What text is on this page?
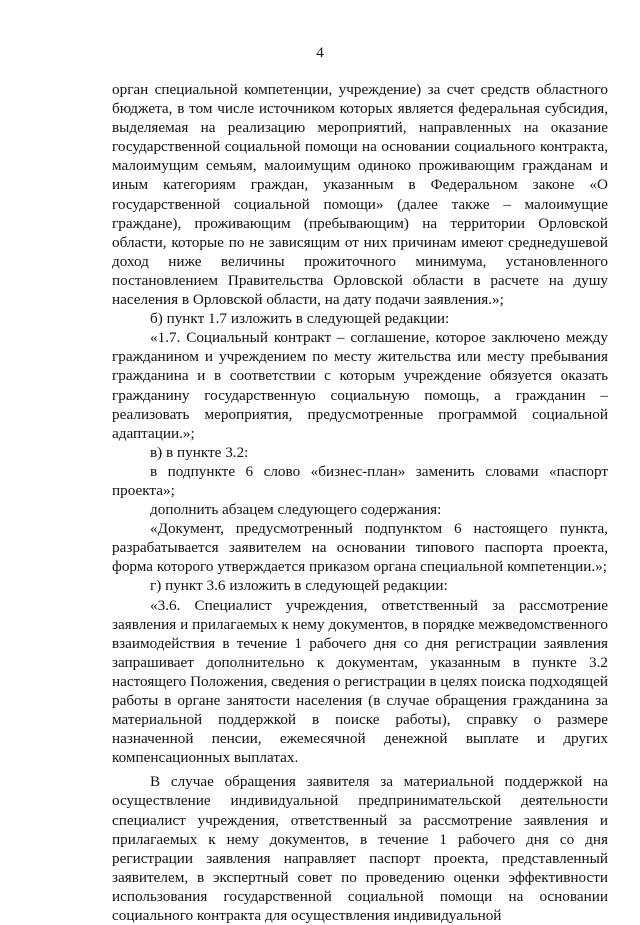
4

орган специальной компетенции, учреждение) за счет средств областного бюджета, в том числе источником которых является федеральная субсидия, выделяемая на реализацию мероприятий, направленных на оказание государственной социальной помощи на основании социального контракта, малоимущим семьям, малоимущим одиноко проживающим гражданам и иным категориям граждан, указанным в Федеральном законе «О государственной социальной помощи» (далее также – малоимущие граждане), проживающим (пребывающим) на территории Орловской области, которые по не зависящим от них причинам имеют среднедушевой доход ниже величины прожиточного минимума, установленного постановлением Правительства Орловской области в расчете на душу населения в Орловской области, на дату подачи заявления.»;

б) пункт 1.7 изложить в следующей редакции:

«1.7. Социальный контракт – соглашение, которое заключено между гражданином и учреждением по месту жительства или месту пребывания гражданина и в соответствии с которым учреждение обязуется оказать гражданину государственную социальную помощь, а гражданин – реализовать мероприятия, предусмотренные программой социальной адаптации.»;

в) в пункте 3.2:

в подпункте 6 слово «бизнес-план» заменить словами «паспорт проекта»;

дополнить абзацем следующего содержания:

«Документ, предусмотренный подпунктом 6 настоящего пункта, разрабатывается заявителем на основании типового паспорта проекта, форма которого утверждается приказом органа специальной компетенции.»;

г) пункт 3.6 изложить в следующей редакции:

«3.6. Специалист учреждения, ответственный за рассмотрение заявления и прилагаемых к нему документов, в порядке межведомственного взаимодействия в течение 1 рабочего дня со дня регистрации заявления запрашивает дополнительно к документам, указанным в пункте 3.2 настоящего Положения, сведения о регистрации в целях поиска подходящей работы в органе занятости населения (в случае обращения гражданина за материальной поддержкой в поиске работы), справку о размере назначенной пенсии, ежемесячной денежной выплате и других компенсационных выплатах.

В случае обращения заявителя за материальной поддержкой на осуществление индивидуальной предпринимательской деятельности специалист учреждения, ответственный за рассмотрение заявления и прилагаемых к нему документов, в течение 1 рабочего дня со дня регистрации заявления направляет паспорт проекта, представленный заявителем, в экспертный совет по проведению оценки эффективности использования государственной социальной помощи на основании социального контракта для осуществления индивидуальной
